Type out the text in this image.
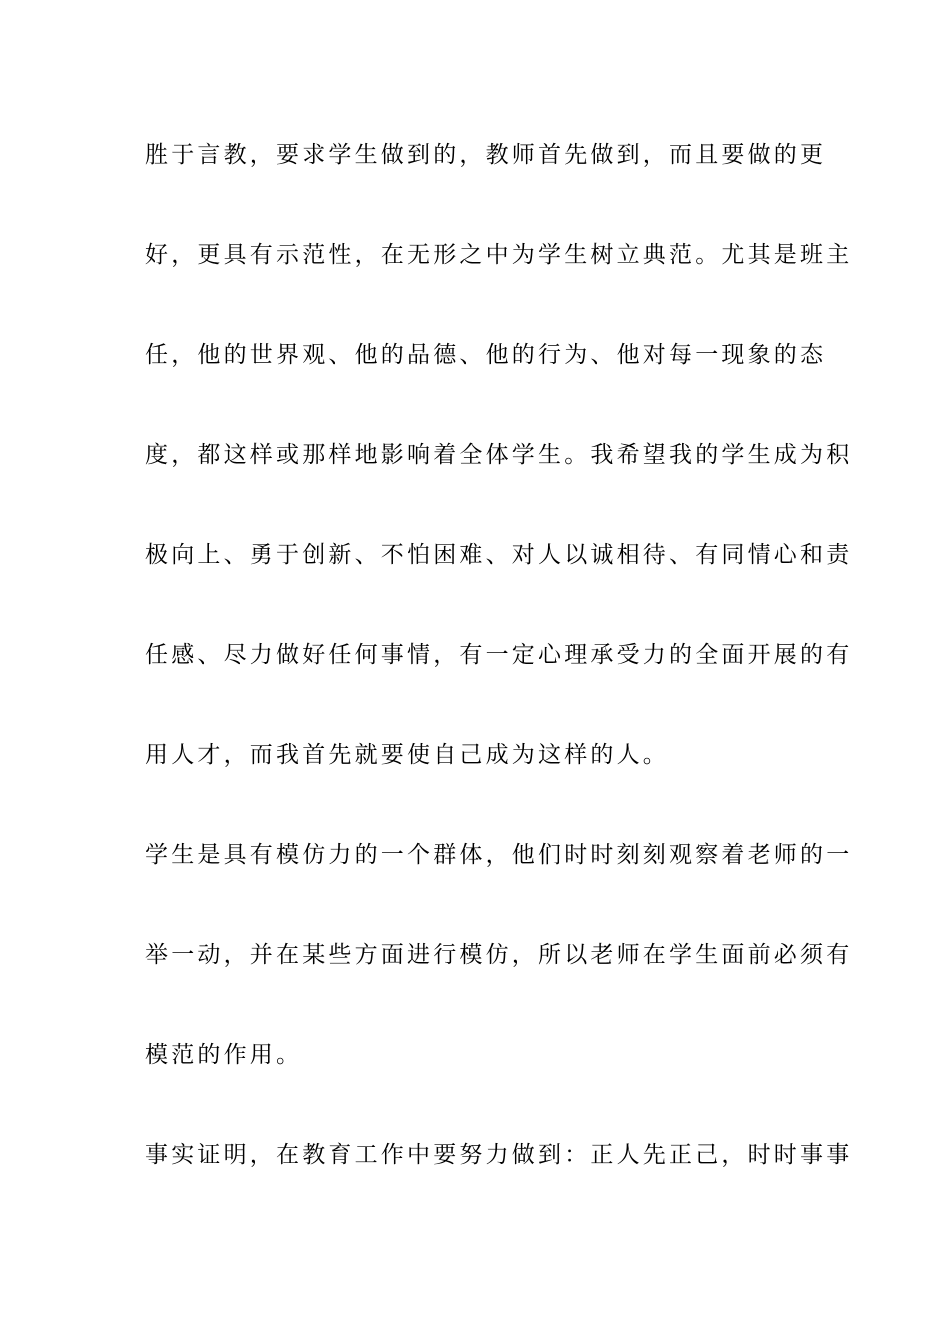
胜于言教，要求学生做到的，教师首先做到，而且要做的更
好，更具有示范性，在无形之中为学生树立典范。尤其是班主
任，他的世界观、他的品德、他的行为、他对每一现象的态
度，都这样或那样地影响着全体学生。我希望我的学生成为积
极向上、勇于创新、不怕困难、对人以诚相待、有同情心和责
任感、尽力做好任何事情，有一定心理承受力的全面开展的有
用人才，而我首先就要使自己成为这样的人。
学生是具有模仿力的一个群体，他们时时刻刻观察着老师的一
举一动，并在某些方面进行模仿，所以老师在学生面前必须有
模范的作用。
事实证明，在教育工作中要努力做到：正人先正己，时时事事
